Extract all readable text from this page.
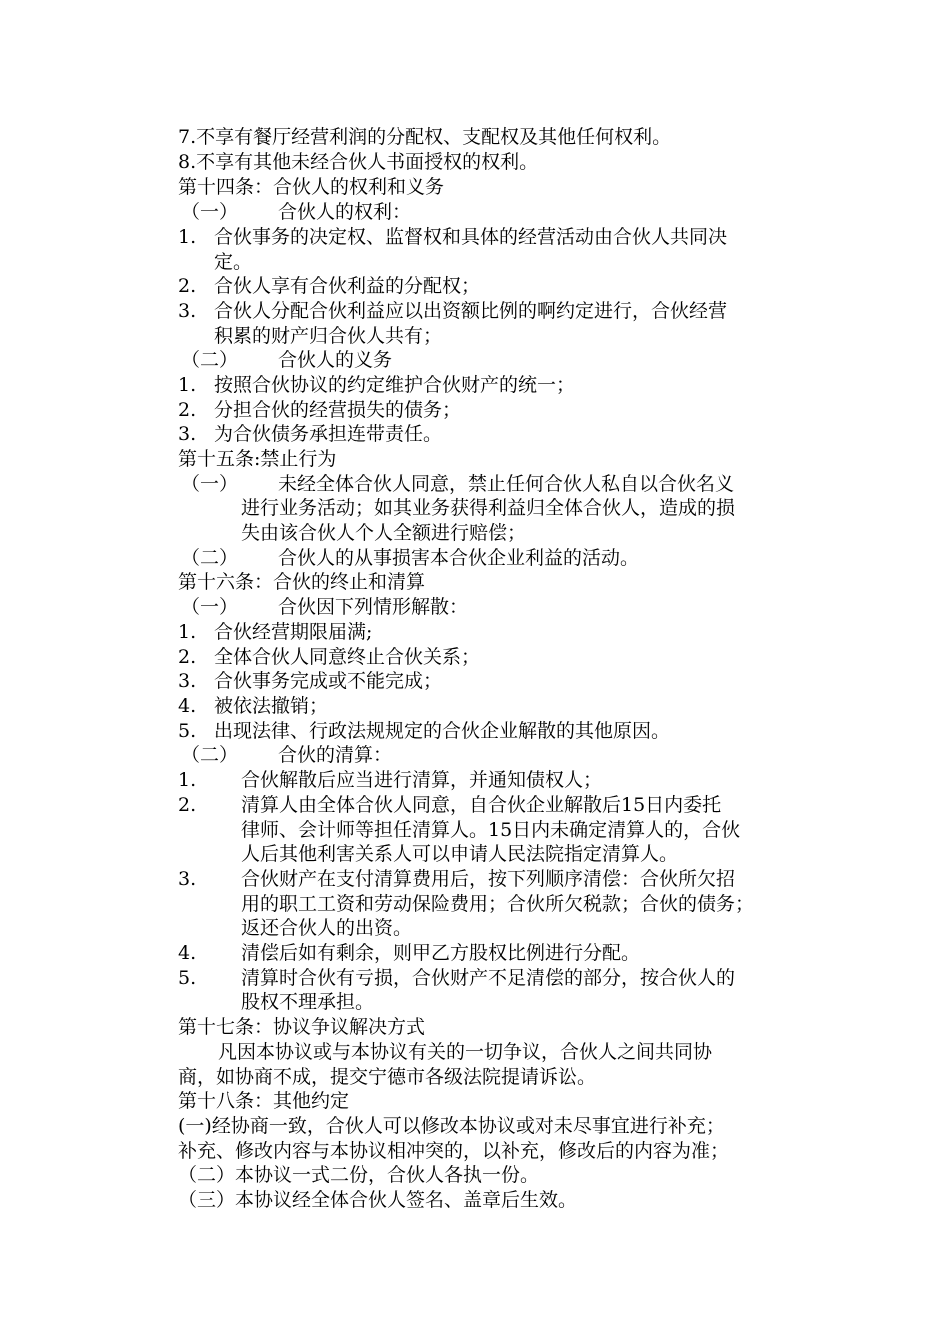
7.不享有餐厅经营利润的分配权、支配权及其他任何权利。
8.不享有其他未经合伙人书面授权的权利。
第十四条：合伙人的权利和义务
（一） 合伙人的权利：
1. 合伙事务的决定权、监督权和具体的经营活动由合伙人共同决
定。
2. 合伙人享有合伙利益的分配权；
3. 合伙人分配合伙利益应以出资额比例的啊约定进行，合伙经营
积累的财产归合伙人共有；
（二） 合伙人的义务
1. 按照合伙协议的约定维护合伙财产的统一；
2. 分担合伙的经营损失的债务；
3. 为合伙债务承担连带责任。
第十五条:禁止行为
（一） 未经全体合伙人同意，禁止任何合伙人私自以合伙名义
进行业务活动；如其业务获得利益归全体合伙人，造成的损
失由该合伙人个人全额进行赔偿；
（二） 合伙人的从事损害本合伙企业利益的活动。
第十六条：合伙的终止和清算
（一） 合伙因下列情形解散：
1. 合伙经营期限届满;
2. 全体合伙人同意终止合伙关系；
3. 合伙事务完成或不能完成；
4. 被依法撤销；
5. 出现法律、行政法规规定的合伙企业解散的其他原因。
（二） 合伙的清算：
1. 合伙解散后应当进行清算，并通知债权人；
2. 清算人由全体合伙人同意，自合伙企业解散后15日内委托
律师、会计师等担任清算人。15日内未确定清算人的，合伙
人后其他利害关系人可以申请人民法院指定清算人。
3. 合伙财产在支付清算费用后，按下列顺序清偿：合伙所欠招
用的职工工资和劳动保险费用；合伙所欠税款；合伙的债务；
返还合伙人的出资。
4. 清偿后如有剩余，则甲乙方股权比例进行分配。
5. 清算时合伙有亏损，合伙财产不足清偿的部分，按合伙人的
股权不理承担。
第十七条：协议争议解决方式
凡因本协议或与本协议有关的一切争议，合伙人之间共同协
商，如协商不成，提交宁德市各级法院提请诉讼。
第十八条：其他约定
(一)经协商一致，合伙人可以修改本协议或对未尽事宜进行补充；
补充、修改内容与本协议相冲突的，以补充，修改后的内容为准；
（二）本协议一式二份，合伙人各执一份。
（三）本协议经全体合伙人签名、盖章后生效。
